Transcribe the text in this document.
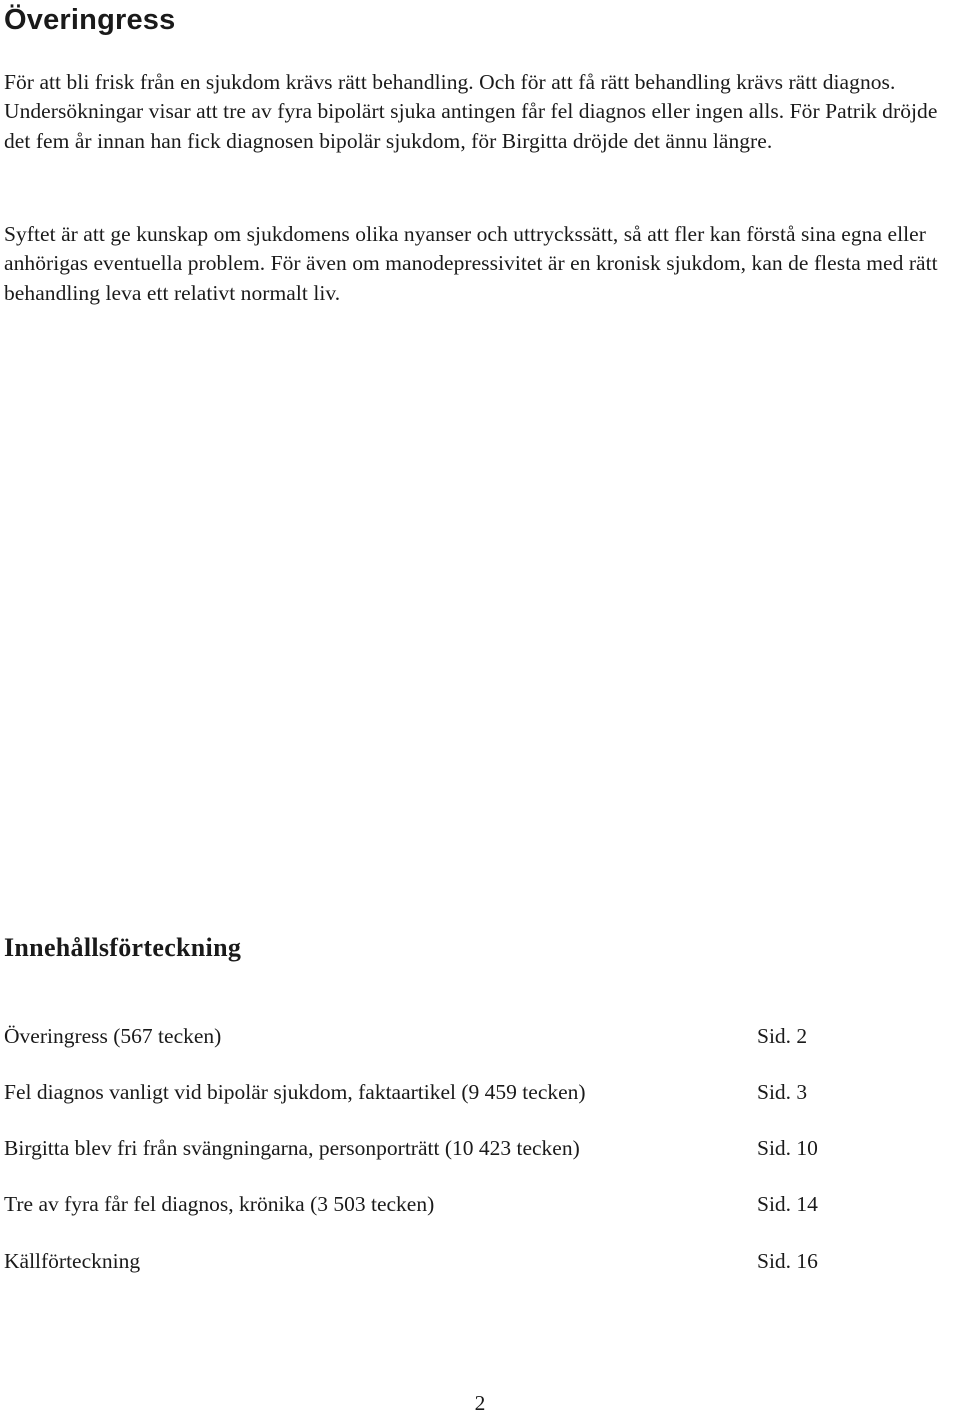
Överingress

För att bli frisk från en sjukdom krävs rätt behandling. Och för att få rätt behandling krävs rätt diagnos. Undersökningar visar att tre av fyra bipolärt sjuka antingen får fel diagnos eller ingen alls. För Patrik dröjde det fem år innan han fick diagnosen bipolär sjukdom, för Birgitta dröjde det ännu längre.

Syftet är att ge kunskap om sjukdomens olika nyanser och uttryckssätt, så att fler kan förstå sina egna eller anhörigas eventuella problem. För även om manodepressivitet är en kronisk sjukdom, kan de flesta med rätt behandling leva ett relativt normalt liv.

Innehållsförteckning
Överingress (567 tecken)	Sid. 2
Fel diagnos vanligt vid bipolär sjukdom, faktaartikel (9 459 tecken)	Sid. 3
Birgitta blev fri från svängningarna, personporträtt (10 423 tecken)	Sid. 10
Tre av fyra får fel diagnos, krönika (3 503 tecken)	Sid. 14
Källförteckning	Sid. 16
2
